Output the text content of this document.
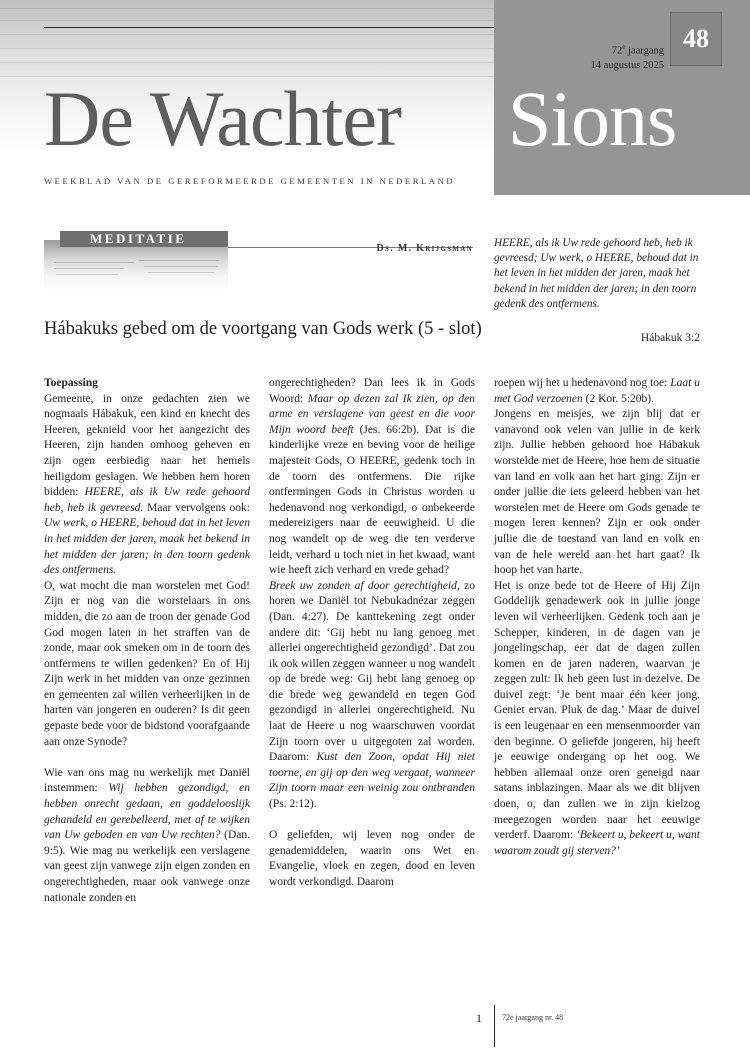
48
72e jaargang
14 augustus 2025
De Wachter Sions
WEEKBLAD VAN DE GEREFORMEERDE GEMEENTEN IN NEDERLAND
MEDITATIE
Ds. M. Krijgsman HEERE, als ik Uw rede gehoord heb, heb ik gevreesd; Uw werk, o HEERE, behoud dat in het leven in het midden der jaren, maak het bekend in het midden der jaren; in den toorn gedenk des ontfermens.
Hábakuk 3:2
Hábakuks gebed om de voortgang van Gods werk (5 - slot)
Toepassing

Gemeente, in onze gedachten zien we nogmaals Hábakuk, een kind en knecht des Heeren, geknield voor het aangezicht des Heeren, zijn handen omhoog geheven en zijn ogen eerbiedig naar het hemels heiligdom geslagen. We hebben hem horen bidden: HEERE, als ik Uw rede gehoord heb, heb ik gevreesd. Maar vervolgens ook: Uw werk, o HEERE, behoud dat in het leven in het midden der jaren, maak het bekend in het midden der jaren; in den toorn gedenk des ontfermens.

O, wat mocht die man worstelen met God! Zijn er nog van die worstelaars in ons midden, die zo aan de troon der genade God God mogen laten in het straffen van de zonde, maar ook smeken om in de toorn des ontfermens te willen gedenken? En of Hij Zijn werk in het midden van onze gezinnen en gemeenten zal willen verheerlijken in de harten van jongeren en ouderen? Is dit geen gepaste bede voor de bidstond voorafgaande aan onze Synode?

Wie van ons mag nu werkelijk met Daniël instemmen: Wij hebben gezondigd, en hebben onrecht gedaan, en goddelooslijk gehandeld en gerebelleerd, met af te wijken van Uw geboden en van Uw rechten? (Dan. 9:5). Wie mag nu werkelijk een verslagene van geest zijn vanwege zijn eigen zonden en ongerechtigheden, maar ook vanwege onze nationale zonden en

ongerechtigheden? Dan lees ik in Gods Woord: Maar op dezen zal Ik zien, op den arme en verslagene van geest en die voor Mijn woord beeft (Jes. 66:2b). Dat is die kinderlijke vreze en beving voor de heilige majesteit Gods, O HEERE, gedenk toch in de toorn des ontfermens. Die rijke ontfermingen Gods in Christus worden u hedenavond nog verkondigd, o onbekeerde medereizigers naar de eeuwigheid. U die nog wandelt op de weg die ten verderve leidt, verhard u toch niet in het kwaad, want wie heeft zich verhard en vrede gehad?

Breek uw zonden af door gerechtigheid, zo horen we Daniël tot Nebukadnézar zeggen (Dan. 4:27). De kanttekening zegt onder andere dit: ‘Gij hebt nu lang genoeg met allerlei ongerechtigheid gezondigd’. Dat zou ik ook willen zeggen wanneer u nog wandelt op de brede weg: Gij hebt lang genoeg op die brede weg gewandeld en tegen God gezondigd in allerlei ongerechtigheid. Nu laat de Heere u nog waarschuwen voordat Zijn toorn over u uitgegoten zal worden. Daarom: Kust den Zoon, opdat Hij niet toorne, en gij op den weg vergaat, wanneer Zijn toorn maar een weinig zou ontbranden (Ps. 2:12).

O geliefden, wij leven nog onder de genademiddelen, waarin ons Wet en Evangelie, vloek en zegen, dood en leven wordt verkondigd. Daarom

roepen wij het u hedenavond nog toe: Laat u met God verzoenen (2 Kor. 5:20b).

Jongens en meisjes, we zijn blij dat er vanavond ook velen van jullie in de kerk zijn. Jullie hebben gehoord hoe Hábakuk worstelde met de Heere, hoe hem de situatie van land en volk aan het hart ging. Zijn er onder jullie die iets geleerd hebben van het worstelen met de Heere om Gods genade te mogen leren kennen? Zijn er ook onder jullie die de toestand van land en volk en van de hele wereld aan het hart gaat? Ik hoop het van harte.

Het is onze bede tot de Heere of Hij Zijn Goddelijk genadewerk ook in jullie jonge leven wil verheerlijken. Gedenk toch aan je Schepper, kinderen, in de dagen van je jongelingschap, eer dat de dagen zullen komen en de jaren naderen, waarvan je zeggen zult: Ik heb geen lust in dezelve. De duivel zegt: ‘Je bent maar één keer jong. Geniet ervan. Pluk de dag.’ Maar de duivel is een leugenaar en een mensenmoorder van den beginne. O geliefde jongeren, hij heeft je eeuwige ondergang op het oog. We hebben allemaal onze oren geneigd naar satans inblazingen. Maar als we dit blijven doen, o, dan zullen we in zijn kielzog meegezogen worden naar het eeuwige verderf. Daarom: ‘Bekeert u, bekeert u, want waarom zoudt gij sterven?’

1	72e jaargang nr. 48
